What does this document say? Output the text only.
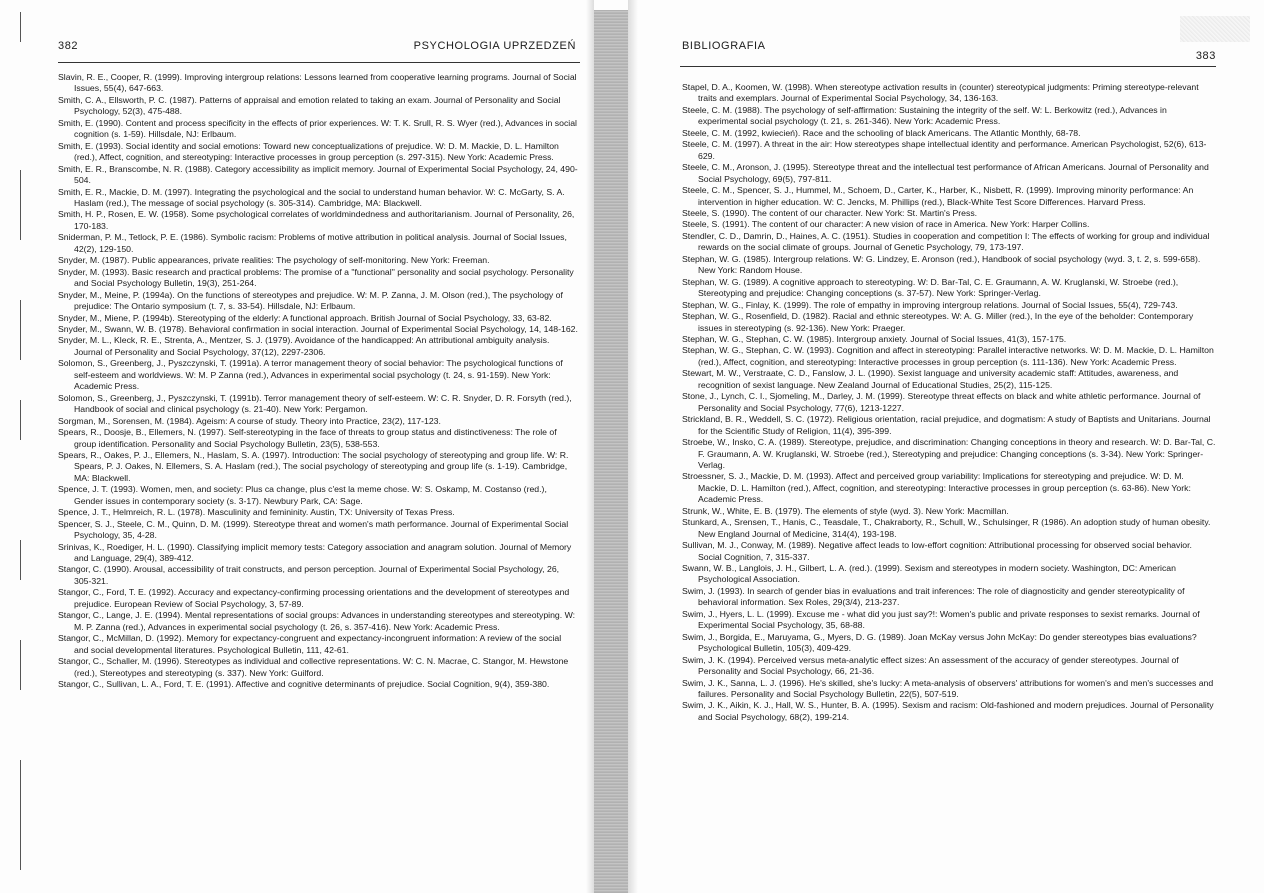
382	PSYCHOLOGIA UPRZEDZEŃ
Slavin, R. E., Cooper, R. (1999). Improving intergroup relations: Lessons learned from cooperative learning programs. Journal of Social Issues, 55(4), 647-663.
Smith, C. A., Ellsworth, P. C. (1987). Patterns of appraisal and emotion related to taking an exam. Journal of Personality and Social Psychology, 52(3), 475-488.
Smith, E. (1990). Content and process specificity in the effects of prior experiences. W: T. K. Srull, R. S. Wyer (red.), Advances in social cognition (s. 1-59). Hillsdale, NJ: Erlbaum.
Smith, E. (1993). Social identity and social emotions: Toward new conceptualizations of prejudice. W: D. M. Mackie, D. L. Hamilton (red.), Affect, cognition, and stereotyping: Interactive processes in group perception (s. 297-315). New York: Academic Press.
Smith, E. R., Branscombe, N. R. (1988). Category accessibility as implicit memory. Journal of Experimental Social Psychology, 24, 490-504.
Smith, E. R., Mackie, D. M. (1997). Integrating the psychological and the social to understand human behavior. W: C. McGarty, S. A. Haslam (red.), The message of social psychology (s. 305-314). Cambridge, MA: Blackwell.
Smith, H. P., Rosen, E. W. (1958). Some psychological correlates of worldmindedness and authoritarianism. Journal of Personality, 26, 170-183.
Sniderman, P. M., Tetlock, P. E. (1986). Symbolic racism: Problems of motive attribution in political analysis. Journal of Social Issues, 42(2), 129-150.
Snyder, M. (1987). Public appearances, private realities: The psychology of self-monitoring. New York: Freeman.
Snyder, M. (1993). Basic research and practical problems: The promise of a "functional" personality and social psychology. Personality and Social Psychology Bulletin, 19(3), 251-264.
Snyder, M., Meine, P. (1994a). On the functions of stereotypes and prejudice. W: M. P. Zanna, J. M. Olson (red.), The psychology of prejudice: The Ontario symposium (t. 7, s. 33-54). Hillsdale, NJ: Erlbaum.
Snyder, M., Miene, P. (1994b). Stereotyping of the elderly: A functional approach. British Journal of Social Psychology, 33, 63-82.
Snyder, M., Swann, W. B. (1978). Behavioral confirmation in social interaction. Journal of Experimental Social Psychology, 14, 148-162.
Snyder, M. L., Kleck, R. E., Strenta, A., Mentzer, S. J. (1979). Avoidance of the handicapped: An attributional ambiguity analysis. Journal of Personality and Social Psychology, 37(12), 2297-2306.
Solomon, S., Greenberg, J., Pyszczynski, T. (1991a). A terror management theory of social behavior: The psychological functions of self-esteem and worldviews. W: M. P Zanna (red.), Advances in experimental social psychology (t. 24, s. 91-159). New York: Academic Press.
Solomon, S., Greenberg, J., Pyszczynski, T. (1991b). Terror management theory of self-esteem. W: C. R. Snyder, D. R. Forsyth (red.), Handbook of social and clinical psychology (s. 21-40). New York: Pergamon.
Sorgman, M., Sorensen, M. (1984). Ageism: A course of study. Theory into Practice, 23(2), 117-123.
Spears, R., Doosje, B., Ellemers, N. (1997). Self-stereotyping in the face of threats to group status and distinctiveness: The role of group identification. Personality and Social Psychology Bulletin, 23(5), 538-553.
Spears, R., Oakes, P. J., Ellemers, N., Haslam, S. A. (1997). Introduction: The social psychology of stereotyping and group life. W: R. Spears, P. J. Oakes, N. Ellemers, S. A. Haslam (red.), The social psychology of stereotyping and group life (s. 1-19). Cambridge, MA: Blackwell.
Spence, J. T. (1993). Women, men, and society: Plus ca change, plus c'est la meme chose. W: S. Oskamp, M. Costanso (red.), Gender issues in contemporary society (s. 3-17). Newbury Park, CA: Sage.
Spence, J. T., Helmreich, R. L. (1978). Masculinity and femininity. Austin, TX: University of Texas Press.
Spencer, S. J., Steele, C. M., Quinn, D. M. (1999). Stereotype threat and women's math performance. Journal of Experimental Social Psychology, 35, 4-28.
Srinivas, K., Roediger, H. L. (1990). Classifying implicit memory tests: Category association and anagram solution. Journal of Memory and Language, 29(4), 389-412.
Stangor, C. (1990). Arousal, accessibility of trait constructs, and person perception. Journal of Experimental Social Psychology, 26, 305-321.
Stangor, C., Ford, T. E. (1992). Accuracy and expectancy-confirming processing orientations and the development of stereotypes and prejudice. European Review of Social Psychology, 3, 57-89.
Stangor, C., Lange, J. E. (1994). Mental representations of social groups: Advances in understanding stereotypes and stereotyping. W: M. P. Zanna (red.), Advances in experimental social psychology (t. 26, s. 357-416). New York: Academic Press.
Stangor, C., McMillan, D. (1992). Memory for expectancy-congruent and expectancy-incongruent information: A review of the social and social developmental literatures. Psychological Bulletin, 111, 42-61.
Stangor, C., Schaller, M. (1996). Stereotypes as individual and collective representations. W: C. N. Macrae, C. Stangor, M. Hewstone (red.), Stereotypes and stereotyping (s. 337). New York: Guilford.
Stangor, C., Sullivan, L. A., Ford, T. E. (1991). Affective and cognitive determinants of prejudice. Social Cognition, 9(4), 359-380.
BIBLIOGRAFIA
383
Stapel, D. A., Koomen, W. (1998). When stereotype activation results in (counter) stereotypical judgments: Priming stereotype-relevant traits and exemplars. Journal of Experimental Social Psychology, 34, 136-163.
Steele, C. M. (1988). The psychology of self-affirmation: Sustaining the integrity of the self. W: L. Berkowitz (red.), Advances in experimental social psychology (t. 21, s. 261-346). New York: Academic Press.
Steele, C. M. (1992, kwiecień). Race and the schooling of black Americans. The Atlantic Monthly, 68-78.
Steele, C. M. (1997). A threat in the air: How stereotypes shape intellectual identity and performance. American Psychologist, 52(6), 613-629.
Steele, C. M., Aronson, J. (1995). Stereotype threat and the intellectual test performance of African Americans. Journal of Personality and Social Psychology, 69(5), 797-811.
Steele, C. M., Spencer, S. J., Hummel, M., Schoem, D., Carter, K., Harber, K., Nisbett, R. (1999). Improving minority performance: An intervention in higher education. W: C. Jencks, M. Phillips (red.), Black-White Test Score Differences. Harvard Press.
Steele, S. (1990). The content of our character. New York: St. Martin's Press.
Steele, S. (1991). The content of our character: A new vision of race in America. New York: Harper Collins.
Stendler, C. D., Damrin, D., Haines, A. C. (1951). Studies in cooperation and competition I: The effects of working for group and individual rewards on the social climate of groups. Journal of Genetic Psychology, 79, 173-197.
Stephan, W. G. (1985). Intergroup relations. W: G. Lindzey, E. Aronson (red.), Handbook of social psychology (wyd. 3, t. 2, s. 599-658). New York: Random House.
Stephan, W. G. (1989). A cognitive approach to stereotyping. W: D. Bar-Tal, C. E. Graumann, A. W. Kruglanski, W. Stroebe (red.), Stereotyping and prejudice: Changing conceptions (s. 37-57). New York: Springer-Verlag.
Stephan, W. G., Finlay, K. (1999). The role of empathy in improving intergroup relations. Journal of Social Issues, 55(4), 729-743.
Stephan, W. G., Rosenfield, D. (1982). Racial and ethnic stereotypes. W: A. G. Miller (red.), In the eye of the beholder: Contemporary issues in stereotyping (s. 92-136). New York: Praeger.
Stephan, W. G., Stephan, C. W. (1985). Intergroup anxiety. Journal of Social Issues, 41(3), 157-175.
Stephan, W. G., Stephan, C. W. (1993). Cognition and affect in stereotyping: Parallel interactive networks. W: D. M. Mackie, D. L. Hamilton (red.), Affect, cognition, and stereotyping: Interactive processes in group perception (s. 111-136). New York: Academic Press.
Stewart, M. W., Verstraate, C. D., Fanslow, J. L. (1990). Sexist language and university academic staff: Attitudes, awareness, and recognition of sexist language. New Zealand Journal of Educational Studies, 25(2), 115-125.
Stone, J., Lynch, C. I., Sjomeling, M., Darley, J. M. (1999). Stereotype threat effects on black and white athletic performance. Journal of Personality and Social Psychology, 77(6), 1213-1227.
Strickland, B. R., Weddell, S. C. (1972). Religious orientation, racial prejudice, and dogmatism: A study of Baptists and Unitarians. Journal for the Scientific Study of Religion, 11(4), 395-399.
Stroebe, W., Insko, C. A. (1989). Stereotype, prejudice, and discrimination: Changing conceptions in theory and research. W: D. Bar-Tal, C. F. Graumann, A. W. Kruglanski, W. Stroebe (red.), Stereotyping and prejudice: Changing conceptions (s. 3-34). New York: Springer-Verlag.
Stroessner, S. J., Mackie, D. M. (1993). Affect and perceived group variability: Implications for stereotyping and prejudice. W: D. M. Mackie, D. L. Hamilton (red.), Affect, cognition, and stereotyping: Interactive processes in group perception (s. 63-86). New York: Academic Press.
Strunk, W., White, E. B. (1979). The elements of style (wyd. 3). New York: Macmillan.
Stunkard, A., Srensen, T., Hanis, C., Teasdale, T., Chakraborty, R., Schull, W., Schulsinger, R (1986). An adoption study of human obesity. New England Journal of Medicine, 314(4), 193-198.
Sullivan, M. J., Conway, M. (1989). Negative affect leads to low-effort cognition: Attributional processing for observed social behavior. Social Cognition, 7, 315-337.
Swann, W. B., Langlois, J. H., Gilbert, L. A. (red.). (1999). Sexism and stereotypes in modern society. Washington, DC: American Psychological Association.
Swim, J. (1993). In search of gender bias in evaluations and trait inferences: The role of diagnosticity and gender stereotypicality of behavioral information. Sex Roles, 29(3/4), 213-237.
Swim, J., Hyers, L. L. (1999). Excuse me - what did you just say?!: Women's public and private responses to sexist remarks. Journal of Experimental Social Psychology, 35, 68-88.
Swim, J., Borgida, E., Maruyama, G., Myers, D. G. (1989). Joan McKay versus John McKay: Do gender stereotypes bias evaluations? Psychological Bulletin, 105(3), 409-429.
Swim, J. K. (1994). Perceived versus meta-analytic effect sizes: An assessment of the accuracy of gender stereotypes. Journal of Personality and Social Psychology, 66, 21-36.
Swim, J. K., Sanna, L. J. (1996). He's skilled, she's lucky: A meta-analysis of observers' attributions for women's and men's successes and failures. Personality and Social Psychology Bulletin, 22(5), 507-519.
Swim, J. K., Aikin, K. J., Hall, W. S., Hunter, B. A. (1995). Sexism and racism: Old-fashioned and modern prejudices. Journal of Personality and Social Psychology, 68(2), 199-214.
